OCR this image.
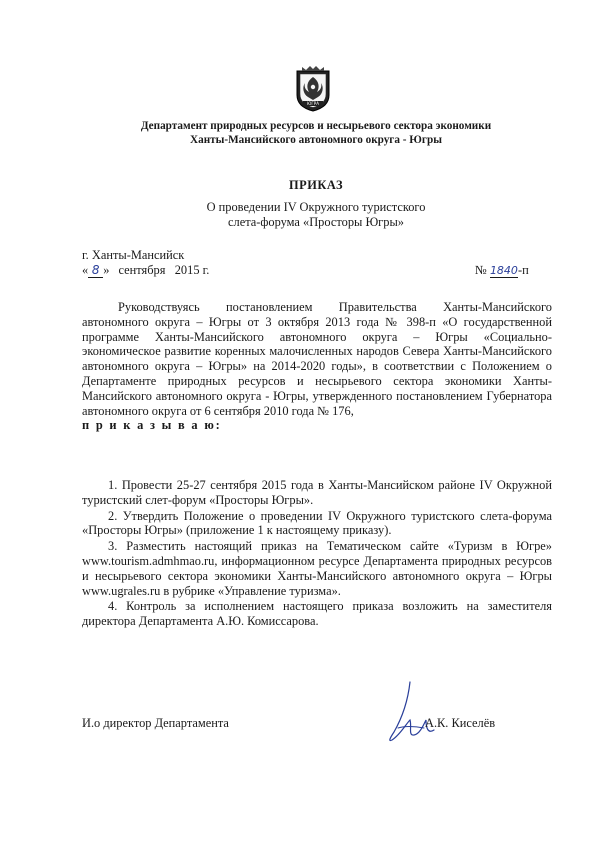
ЮГРА
Департамент природных ресурсов и несырьевого сектора экономики
Ханты-Мансийского автономного округа - Югры
ПРИКАЗ
О проведении IV Окружного туристского
слета-форума «Просторы Югры»
г. Ханты-Мансийск
« 8 » сентября   2015 г.	№ 1840-п

Руководствуясь постановлением Правительства Ханты-Мансийского автономного округа – Югры от 3 октября 2013 года № 398-п «О государственной программе Ханты-Мансийского автономного округа – Югры «Социально-экономическое развитие коренных малочисленных народов Севера Ханты-Мансийского автономного округа – Югры» на 2014-2020 годы», в соответствии с Положением о Департаменте природных ресурсов и несырьевого сектора экономики Ханты-Мансийского автономного округа - Югры, утвержденного постановлением Губернатора автономного округа от 6 сентября 2010 года № 176,

п р и к а з ы в а ю:

1. Провести 25-27 сентября 2015 года в Ханты-Мансийском районе IV Окружной туристский слет-форум «Просторы Югры».

2. Утвердить Положение о проведении IV Окружного туристского слета-форума «Просторы Югры» (приложение 1 к настоящему приказу).

3. Разместить настоящий приказ на Тематическом сайте «Туризм в Югре» www.tourism.admhmao.ru, информационном ресурсе Департамента природных ресурсов и несырьевого сектора экономики Ханты-Мансийского автономного округа – Югры www.ugrales.ru в рубрике «Управление туризма».

4. Контроль за исполнением настоящего приказа возложить на заместителя директора Департамента А.Ю. Комиссарова.

И.о директор Департамента	А.К. Киселёв
